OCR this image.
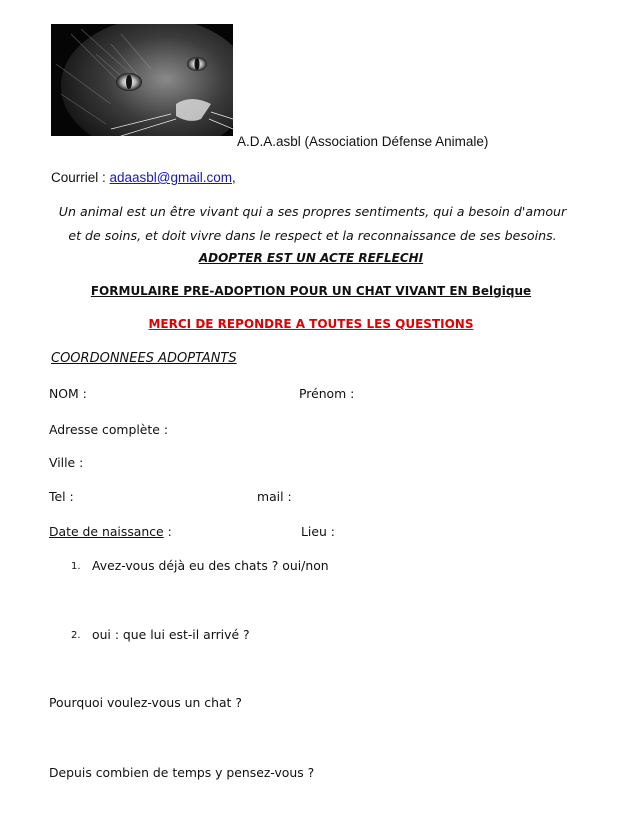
A.D.A.asbl (Association Défense Animale)
Courriel : adaasbl@gmail.com,
Un animal est un être vivant qui a ses propres sentiments, qui a besoin d'amour
et de soins, et doit vivre dans le respect et la reconnaissance de ses besoins.
ADOPTER EST UN ACTE REFLECHI
FORMULAIRE PRE-ADOPTION POUR UN CHAT VIVANT EN Belgique
MERCI DE REPONDRE A TOUTES LES QUESTIONS
COORDONNEES ADOPTANTS
NOM :	Prénom :
Adresse complète :
Ville :
Tel :	mail :
Date de naissance :	Lieu :
1. Avez-vous déjà eu des chats ? oui/non
2. oui : que lui est-il arrivé ?
Pourquoi voulez-vous un chat ?
Depuis combien de temps y pensez-vous ?
